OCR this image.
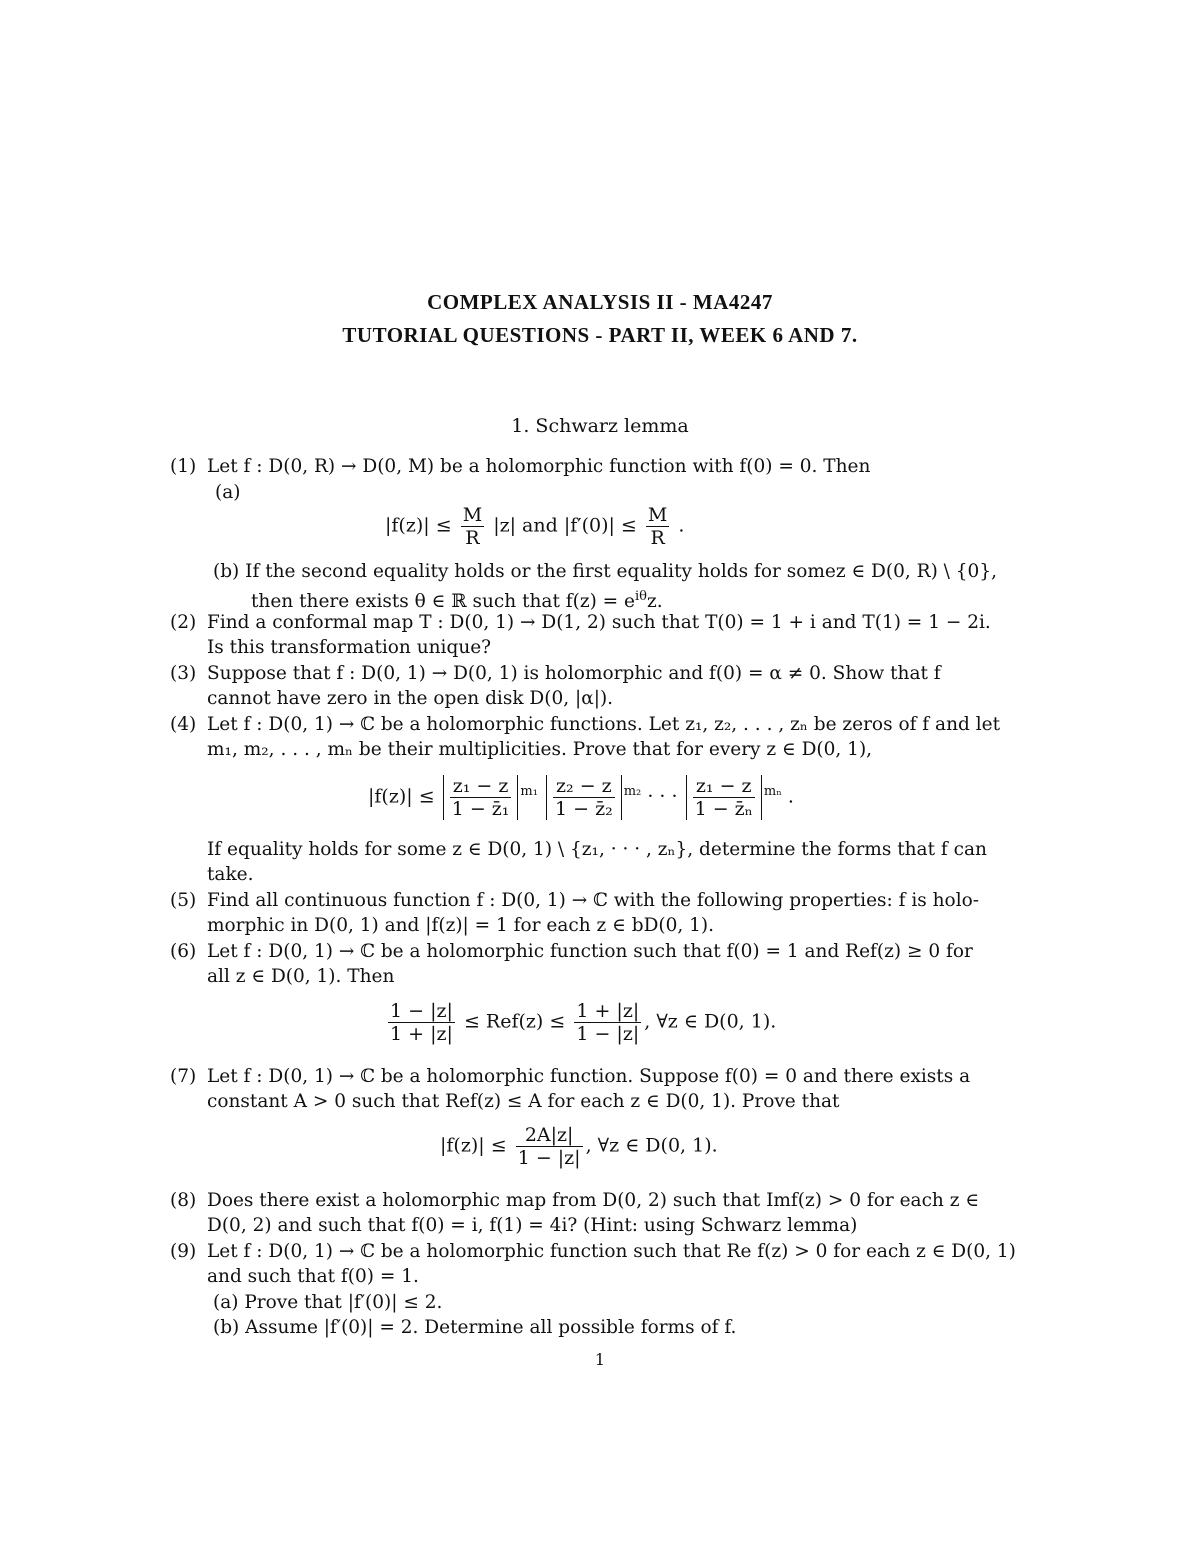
COMPLEX ANALYSIS II - MA4247
TUTORIAL QUESTIONS - PART II, WEEK 6 AND 7.
1. Schwarz lemma
(1) Let f : D(0, R) → D(0, M) be a holomorphic function with f(0) = 0. Then
(a)
$|f(z)| \le \frac{M}{R} |z|$ and $|f'(0)| \le \frac{M}{R}$ .
(b) If the second equality holds or the first equality holds for somez ∈ D(0, R) \ {0},
then there exists θ ∈ ℝ such that $f(z) = e^{i\theta}z$.
(2) Find a conformal map T : D(0, 1) → D(1, 2) such that T(0) = 1 + i and T(1) = 1 − 2i.
Is this transformation unique?
(3) Suppose that f : D(0, 1) → D(0, 1) is holomorphic and f(0) = α ≠ 0. Show that f
cannot have zero in the open disk D(0, |α|).
(4) Let f : D(0, 1) → ℂ be a holomorphic functions. Let z₁, z₂, . . . , zₙ be zeros of f and let
m₁, m₂, . . . , mₙ be their multiplicities. Prove that for every z ∈ D(0, 1),
$|f(z)| \le \frac{\text{z₁ − z}}{\text{1 − z̄₁}} ^{m_1} \frac{\text{z₂ − z}}{\text{1 − z̄₂}} ^{m_2}$ · · · $\frac{\text{z₁ − z}}{\text{1 − z̄ₙ}} ^{m_n}$ .
If equality holds for some z ∈ D(0, 1) \ {z₁, · · · , zₙ}, determine the forms that f can
take.
(5) Find all continuous function f : D(0, 1) → ℂ with the following properties: f is holo-
morphic in D(0, 1) and |f(z)| = 1 for each z ∈ bD(0, 1).
(6) Let f : D(0, 1) → ℂ be a holomorphic function such that f(0) = 1 and Ref(z) ≥ 0 for
all z ∈ D(0, 1). Then
$\frac{1 - |z|}{1 + |z|} \le Ref(z) \le \frac{1 + |z|}{1 - |z|}$ , ∀z ∈ D(0, 1).
(7) Let f : D(0, 1) → ℂ be a holomorphic function. Suppose f(0) = 0 and there exists a
constant A > 0 such that Ref(z) ≤ A for each z ∈ D(0, 1). Prove that
$|f(z)| \le \frac{2A|z|}{1 - |z|}$ , ∀z ∈ D(0, 1).
(8) Does there exist a holomorphic map from D(0, 2) such that Imf(z) > 0 for each z ∈
D(0, 2) and such that f(0) = i, f(1) = 4i? (Hint: using Schwarz lemma)
(9) Let f : D(0, 1) → ℂ be a holomorphic function such that Re f(z) > 0 for each z ∈ D(0, 1)
and such that f(0) = 1.
(a) Prove that |f′(0)| ≤ 2.
(b) Assume |f′(0)| = 2. Determine all possible forms of f.
1
